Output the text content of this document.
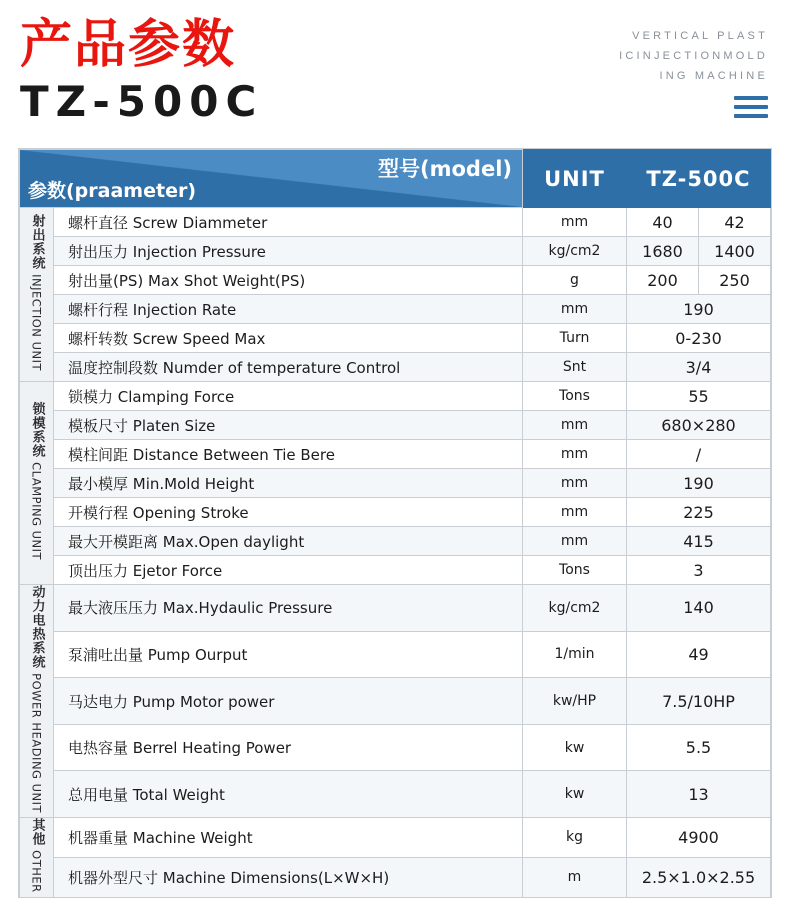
产品参数
TZ-500C
VERTICAL PLAST
ICINJECTIONMOLD
ING MACHINE
型号(model)
参数(praameter)		UNIT	TZ-500C	
射出系统 INJECTION UNIT	螺杆直径 Screw Diammeter	mm	40	42
	射出压力 Injection Pressure	kg/cm2	1680	1400
	射出量(PS) Max Shot Weight(PS)	g	200	250
	螺杆行程 Injection Rate	mm	190	
	螺杆转数 Screw Speed Max	Turn	0-230	
	温度控制段数 Numder of temperature Control	Snt	3/4	
锁模系统 CLAMPING UNIT	锁模力 Clamping Force	Tons	55	
	模板尺寸 Platen Size	mm	680×280	
	模柱间距 Distance Between Tie Bere	mm	/	
	最小模厚 Min.Mold Height	mm	190	
	开模行程 Opening Stroke	mm	225	
	最大开模距离 Max.Open daylight	mm	415	
	顶出压力 Ejetor Force	Tons	3	
动力电热系统 POWER HEADING UNIT	最大液压压力 Max.Hydaulic Pressure	kg/cm2	140	
	泵浦吐出量 Pump Ourput	1/min	49	
	马达电力 Pump Motor power	kw/HP	7.5/10HP	
	电热容量 Berrel Heating Power	kw	5.5	
	总用电量 Total Weight	kw	13	
其他 OTHER	机器重量 Machine Weight	kg	4900	
	机器外型尺寸 Machine Dimensions(L×W×H)	m	2.5×1.0×2.55	
